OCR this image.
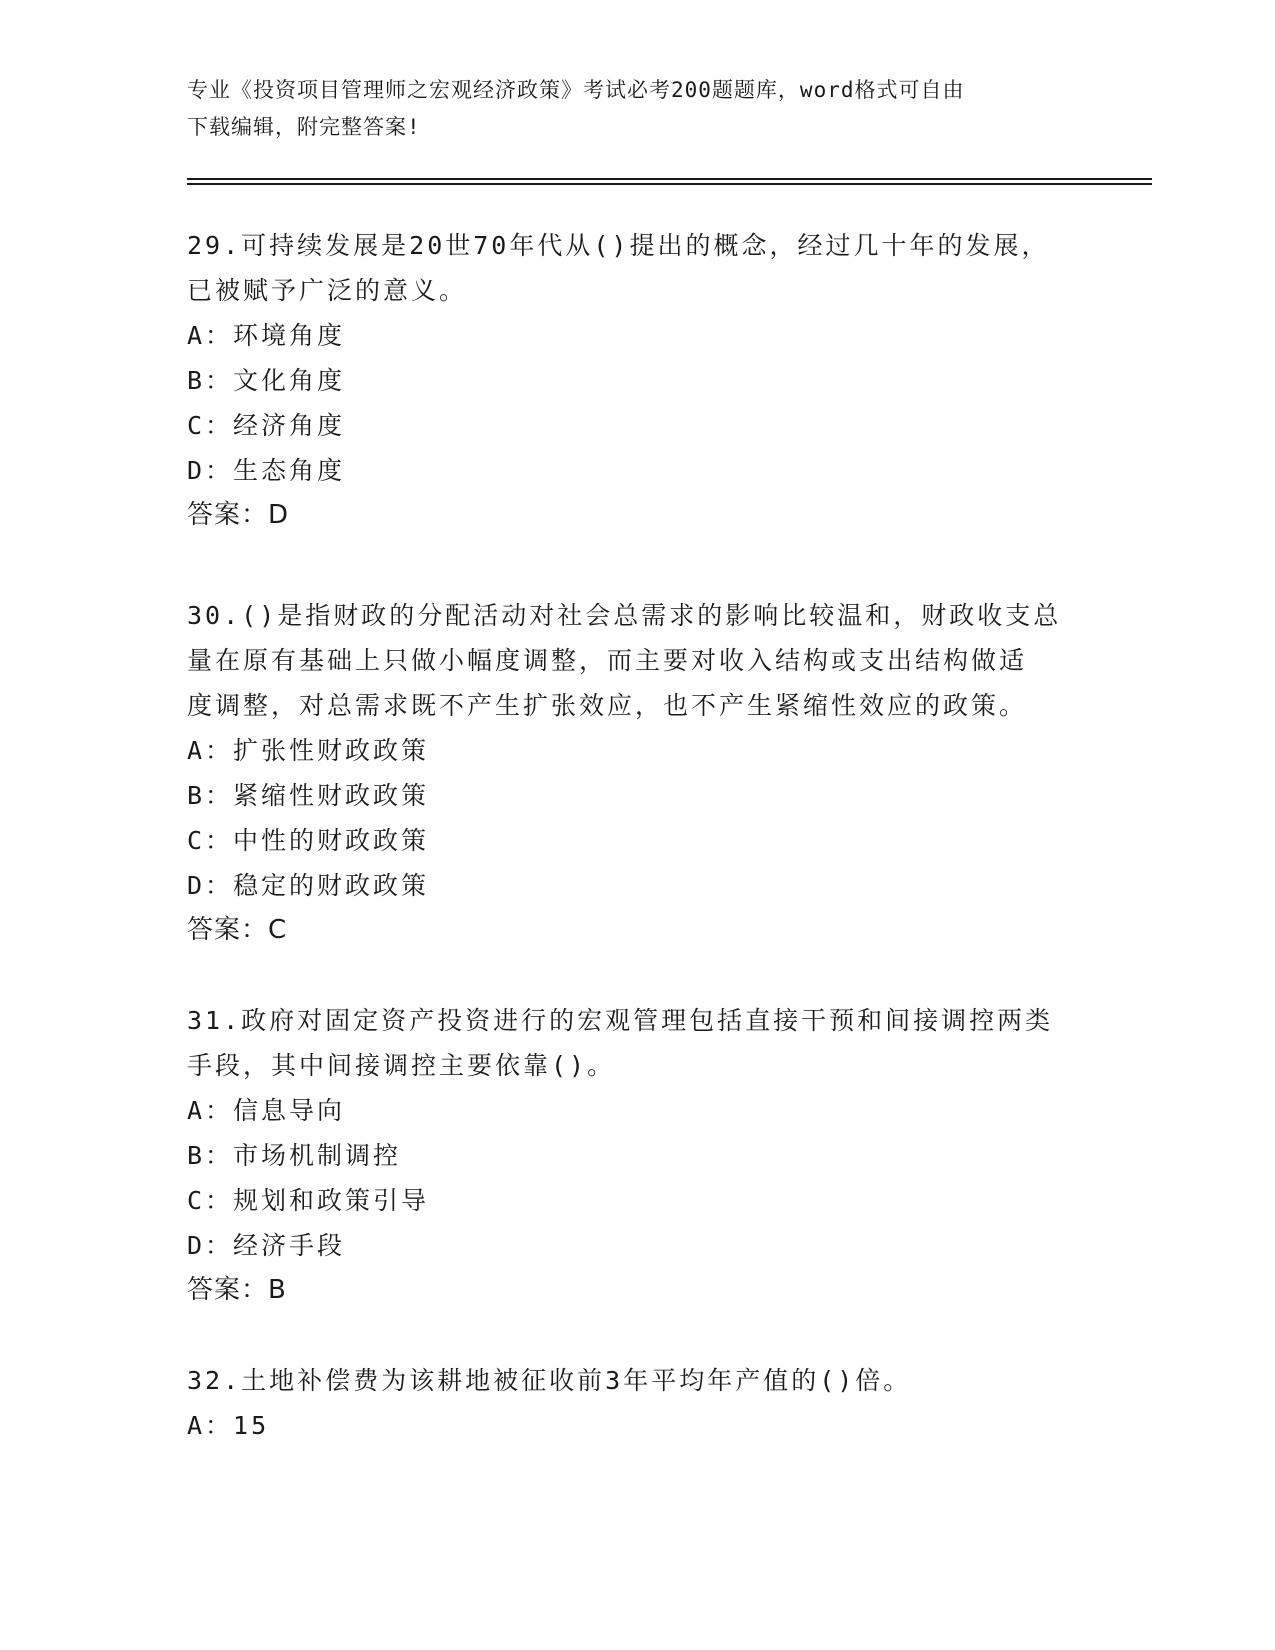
专业《投资项目管理师之宏观经济政策》考试必考200题题库，word格式可自由
下载编辑，附完整答案!

29.可持续发展是20世70年代从()提出的概念，经过几十年的发展，

已被赋予广泛的意义。

A：环境角度

B：文化角度

C：经济角度

D：生态角度

答案：D

30.()是指财政的分配活动对社会总需求的影响比较温和，财政收支总

量在原有基础上只做小幅度调整，而主要对收入结构或支出结构做适

度调整，对总需求既不产生扩张效应，也不产生紧缩性效应的政策。

A：扩张性财政政策

B：紧缩性财政政策

C：中性的财政政策

D：稳定的财政政策

答案：C

31.政府对固定资产投资进行的宏观管理包括直接干预和间接调控两类

手段，其中间接调控主要依靠()。

A：信息导向

B：市场机制调控

C：规划和政策引导

D：经济手段

答案：B

32.土地补偿费为该耕地被征收前3年平均年产值的()倍。

A：15
